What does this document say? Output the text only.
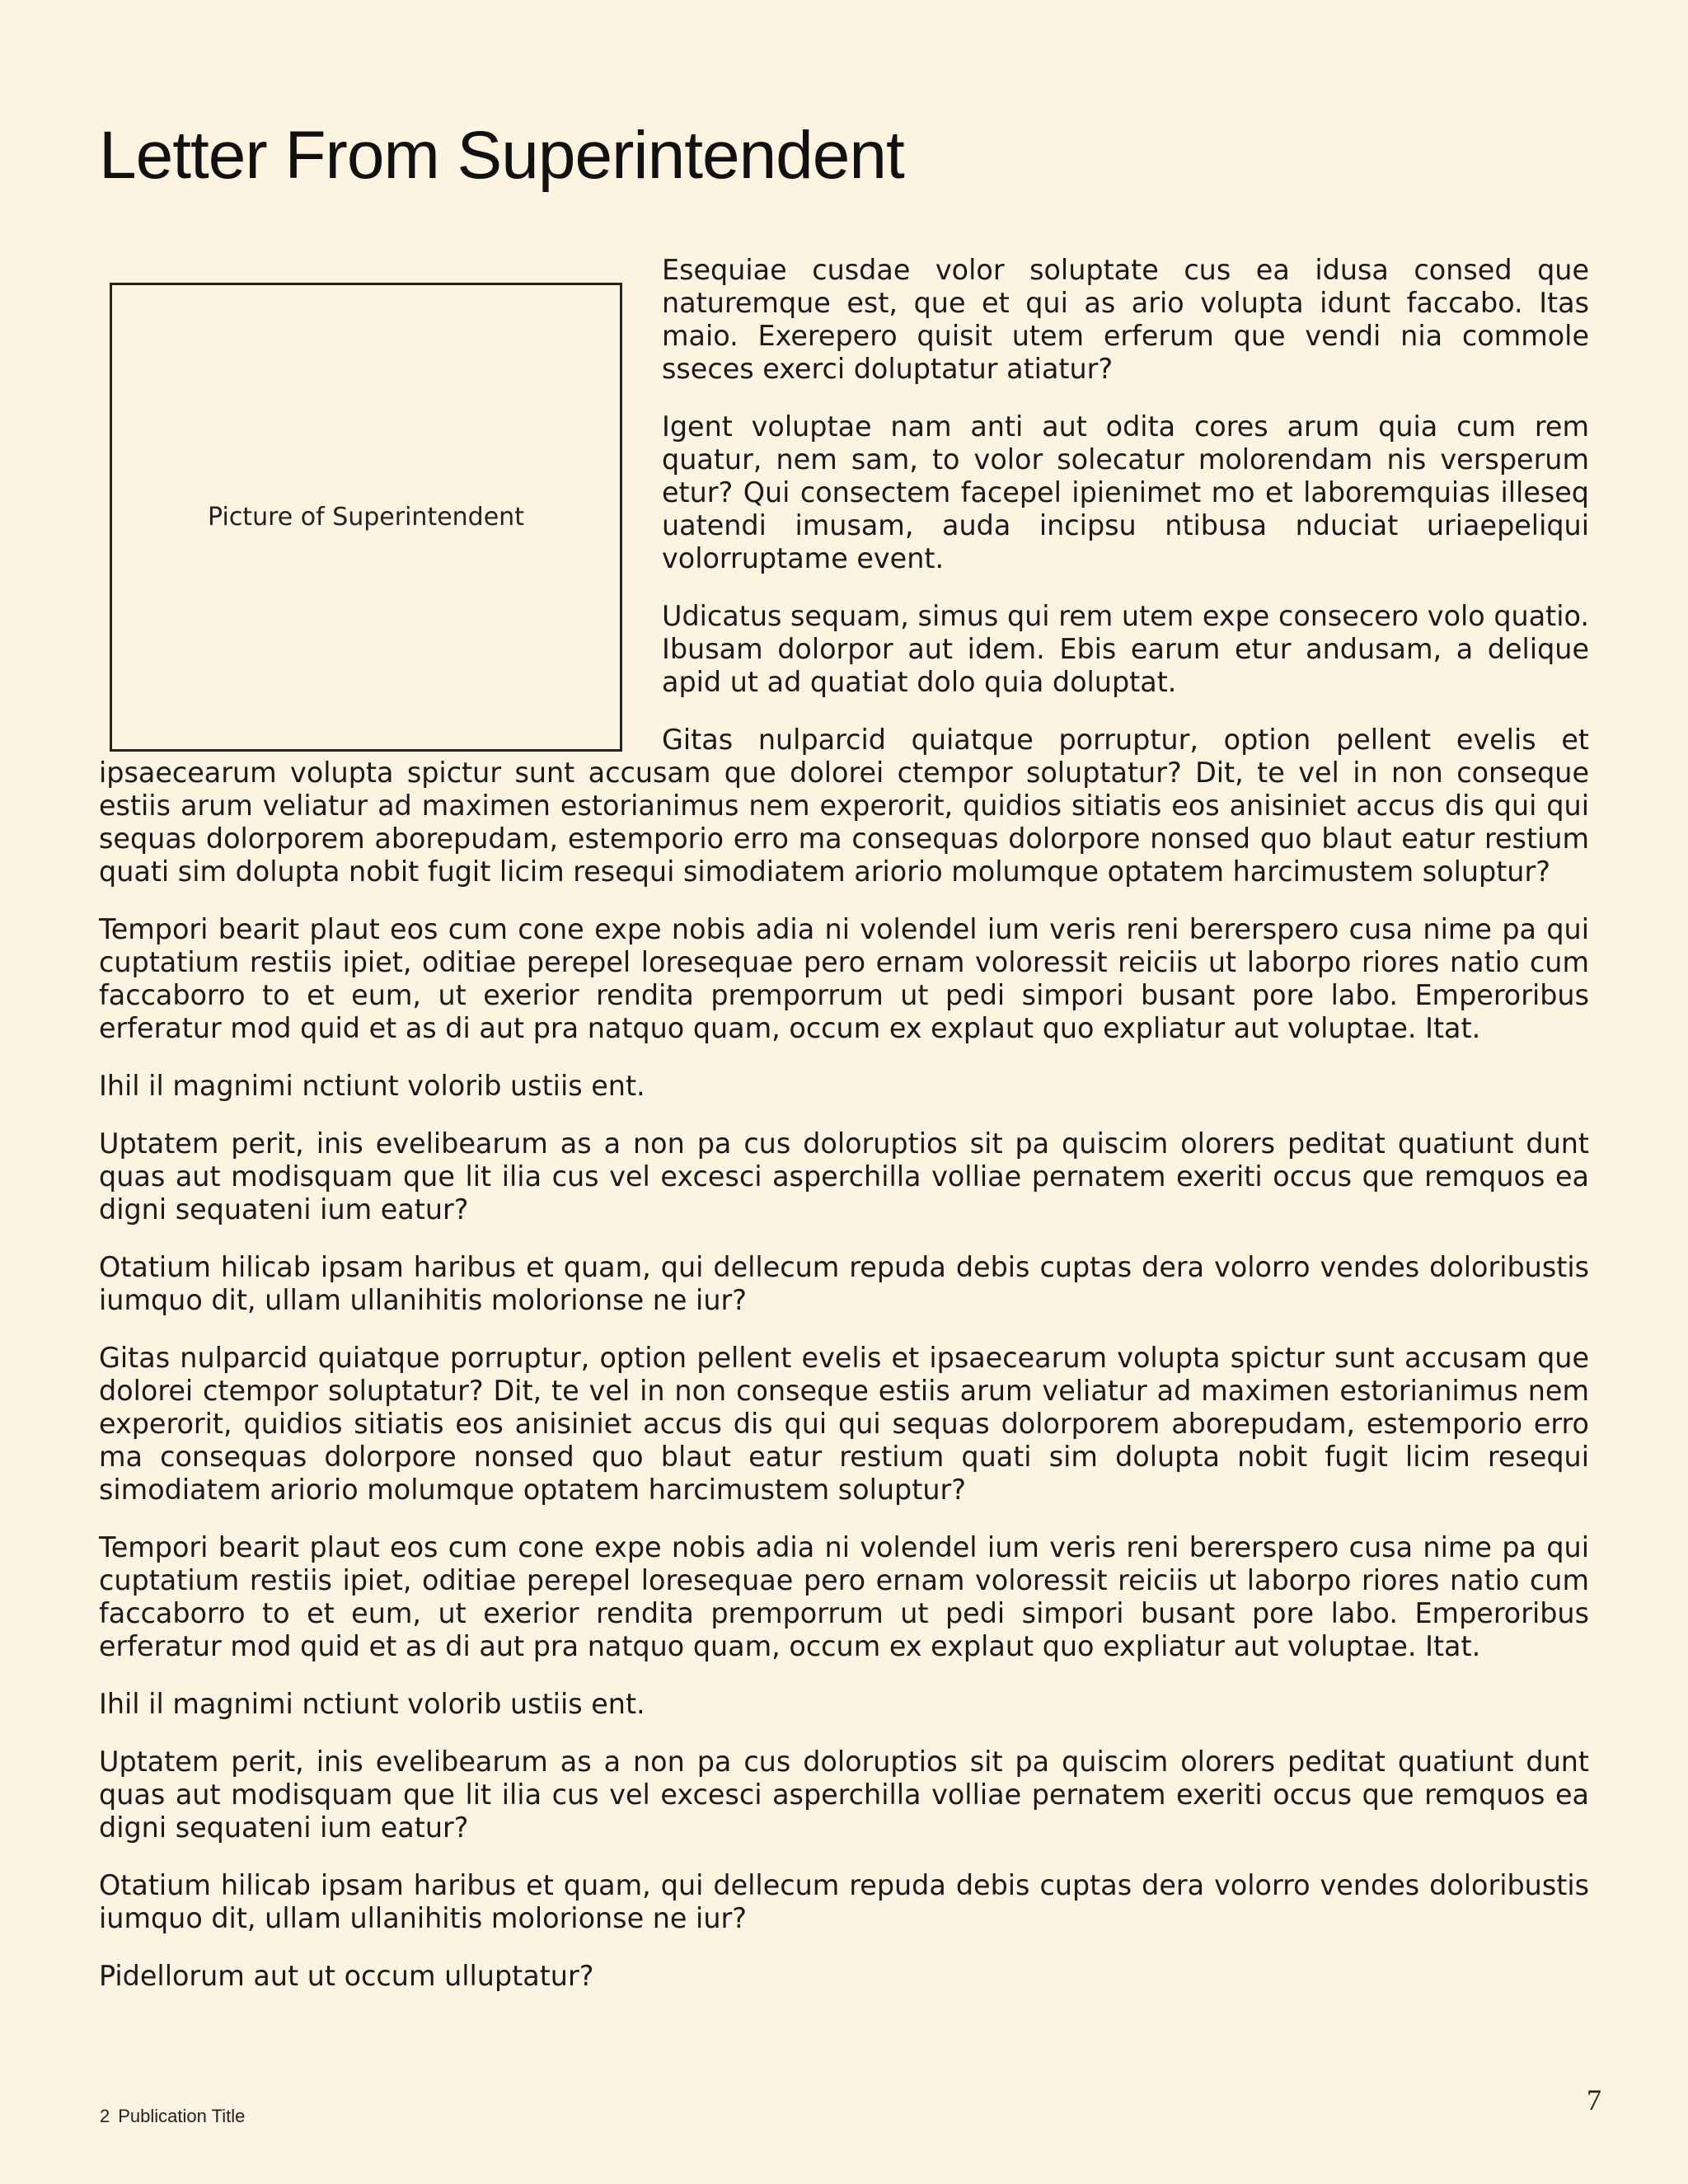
Letter From Superintendent
Picture of Superintendent

Esequiae cusdae volor soluptate cus ea idusa consed que naturemque est, que et qui as ario volupta idunt faccabo. Itas maio. Exerepero quisit utem erferum que vendi nia commole sseces exerci doluptatur atiatur?

Igent voluptae nam anti aut odita cores arum quia cum rem quatur, nem sam, to volor solecatur molorendam nis versperum etur? Qui consectem facepel ipienimet mo et laboremquias illeseq uatendi imusam, auda incipsu ntibusa nduciat uriaepeliqui volorruptame event.

Udicatus sequam, simus qui rem utem expe consecero volo quatio. Ibusam dolorpor aut idem. Ebis earum etur andusam, a delique apid ut ad quatiat dolo quia doluptat.

Gitas nulparcid quiatque porruptur, option pellent evelis et ipsaecearum volupta spictur sunt accusam que dolorei ctempor soluptatur? Dit, te vel in non conseque estiis arum veliatur ad maximen estorianimus nem experorit, quidios sitiatis eos anisiniet accus dis qui qui sequas dolorporem aborepudam, estemporio erro ma consequas dolorpore nonsed quo blaut eatur restium quati sim dolupta nobit fugit licim resequi simodiatem ariorio molumque optatem harcimustem soluptur?

Tempori bearit plaut eos cum cone expe nobis adia ni volendel ium veris reni bererspero cusa nime pa qui cuptatium restiis ipiet, oditiae perepel loresequae pero ernam voloressit reiciis ut laborpo riores natio cum faccaborro to et eum, ut exerior rendita premporrum ut pedi simpori busant pore labo. Emperoribus erferatur mod quid et as di aut pra natquo quam, occum ex explaut quo expliatur aut voluptae. Itat.

Ihil il magnimi nctiunt volorib ustiis ent.

Uptatem perit, inis evelibearum as a non pa cus doloruptios sit pa quiscim olorers peditat quatiunt dunt quas aut modisquam que lit ilia cus vel excesci asperchilla volliae pernatem exeriti occus que remquos ea digni sequateni ium eatur?

Otatium hilicab ipsam haribus et quam, qui dellecum repuda debis cuptas dera volorro vendes doloribustis iumquo dit, ullam ullanihitis molorionse ne iur?

Gitas nulparcid quiatque porruptur, option pellent evelis et ipsaecearum volupta spictur sunt accusam que dolorei ctempor soluptatur? Dit, te vel in non conseque estiis arum veliatur ad maximen estorianimus nem experorit, quidios sitiatis eos anisiniet accus dis qui qui sequas dolorporem aborepudam, estemporio erro ma consequas dolorpore nonsed quo blaut eatur restium quati sim dolupta nobit fugit licim resequi simodiatem ariorio molumque optatem harcimustem soluptur?

Tempori bearit plaut eos cum cone expe nobis adia ni volendel ium veris reni bererspero cusa nime pa qui cuptatium restiis ipiet, oditiae perepel loresequae pero ernam voloressit reiciis ut laborpo riores natio cum faccaborro to et eum, ut exerior rendita premporrum ut pedi simpori busant pore labo. Emperoribus erferatur mod quid et as di aut pra natquo quam, occum ex explaut quo expliatur aut voluptae. Itat.

Ihil il magnimi nctiunt volorib ustiis ent.

Uptatem perit, inis evelibearum as a non pa cus doloruptios sit pa quiscim olorers peditat quatiunt dunt quas aut modisquam que lit ilia cus vel excesci asperchilla volliae pernatem exeriti occus que remquos ea digni sequateni ium eatur?

Otatium hilicab ipsam haribus et quam, qui dellecum repuda debis cuptas dera volorro vendes doloribustis iumquo dit, ullam ullanihitis molorionse ne iur?

Pidellorum aut ut occum ulluptatur?

2 Publication Title	7
